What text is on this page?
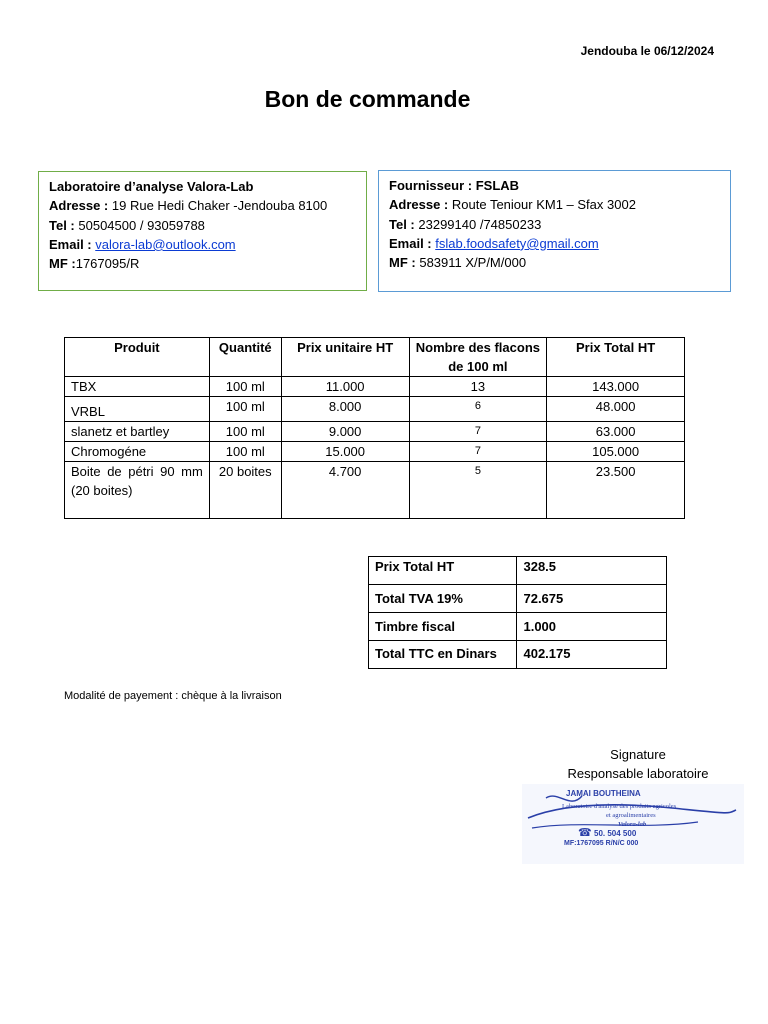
Jendouba le 06/12/2024
Bon de commande
Laboratoire d’analyse Valora-Lab
Adresse : 19 Rue Hedi Chaker -Jendouba 8100
Tel : 50504500 / 93059788
Email : valora-lab@outlook.com
MF :1767095/R
Fournisseur : FSLAB
Adresse : Route Teniour KM1 – Sfax 3002
Tel : 23299140 /74850233
Email : fslab.foodsafety@gmail.com
MF : 583911 X/P/M/000
Produit	Quantité	Prix unitaire HT	Nombre des flacons de 100 ml	Prix Total HT
TBX	100 ml	11.000	13	143.000
VRBL	100 ml	8.000	6	48.000
slanetz et bartley	100 ml	9.000	7	63.000
Chromogéne	100 ml	15.000	7	105.000
Boite de pétri 90 mm (20 boites)	20 boites	4.700	5	23.500
Prix Total HT	328.5
Total TVA 19%	72.675
Timbre fiscal	1.000
Total TTC en Dinars	402.175
Modalité de payement : chèque à la livraison
Signature
Responsable laboratoire
JAMAI BOUTHEINA
Laboratoire d'analyse des produits agricoles
et agroalimentaires
Valora-lab
☎ 50. 504 500
MF:1767095 R/N/C 000
